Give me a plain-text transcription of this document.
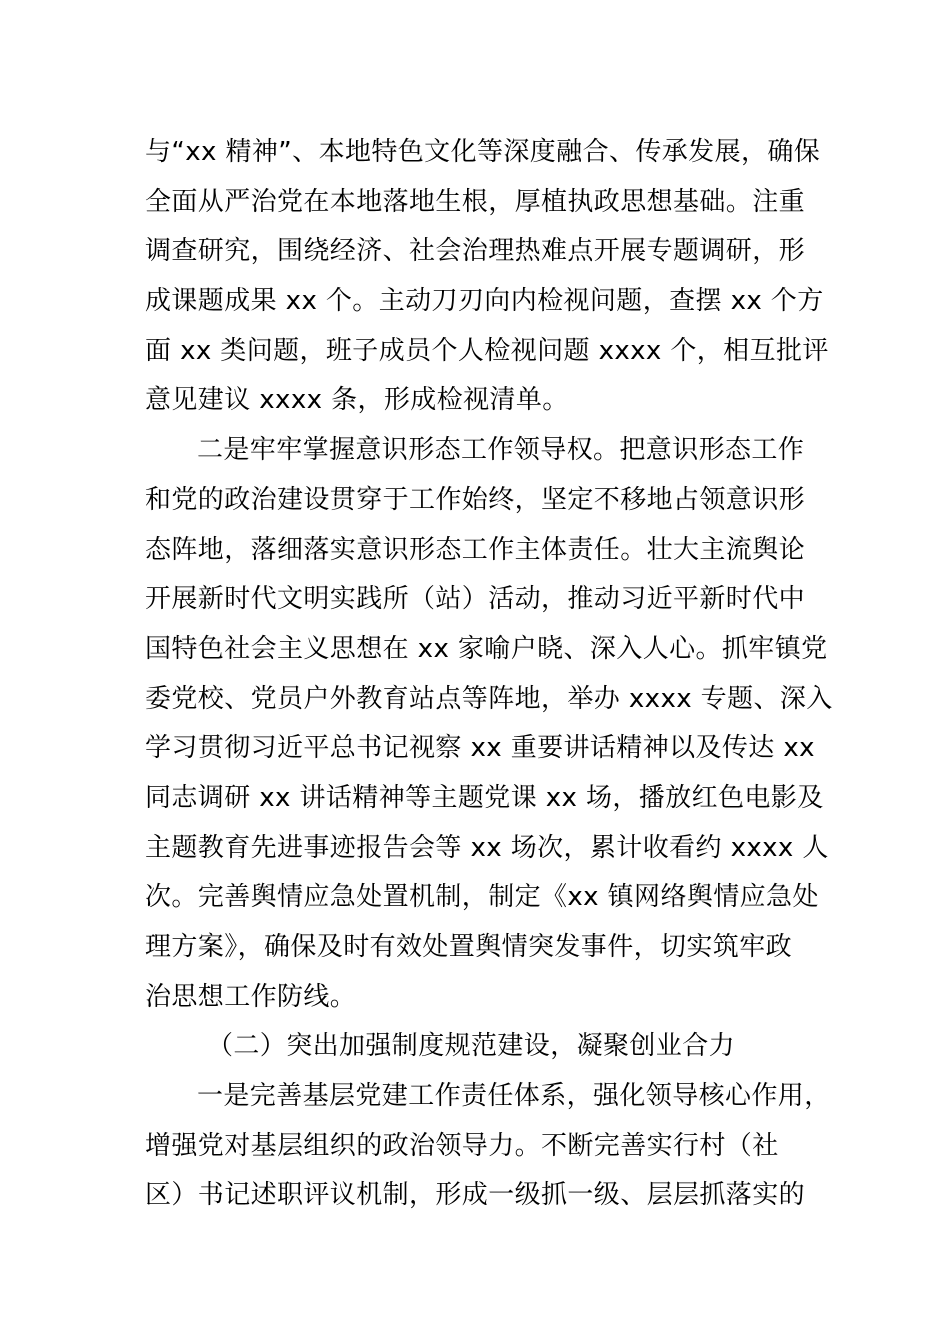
与“xx 精神”、本地特色文化等深度融合、传承发展，确保
全面从严治党在本地落地生根，厚植执政思想基础。注重
调查研究，围绕经济、社会治理热难点开展专题调研，形
成课题成果 xx 个。主动刀刃向内检视问题，查摆 xx 个方
面 xx 类问题，班子成员个人检视问题 xxxx 个，相互批评
意见建议 xxxx 条，形成检视清单。
二是牢牢掌握意识形态工作领导权。把意识形态工作
和党的政治建设贯穿于工作始终，坚定不移地占领意识形
态阵地，落细落实意识形态工作主体责任。壮大主流舆论
开展新时代文明实践所（站）活动，推动习近平新时代中
国特色社会主义思想在 xx 家喻户晓、深入人心。抓牢镇党
委党校、党员户外教育站点等阵地，举办 xxxx 专题、深入
学习贯彻习近平总书记视察 xx 重要讲话精神以及传达 xx
同志调研 xx 讲话精神等主题党课 xx 场，播放红色电影及
主题教育先进事迹报告会等 xx 场次，累计收看约 xxxx 人
次。完善舆情应急处置机制，制定《xx 镇网络舆情应急处
理方案》，确保及时有效处置舆情突发事件，切实筑牢政
治思想工作防线。
（二）突出加强制度规范建设，凝聚创业合力
一是完善基层党建工作责任体系，强化领导核心作用，
增强党对基层组织的政治领导力。不断完善实行村（社
区）书记述职评议机制，形成一级抓一级、层层抓落实的
